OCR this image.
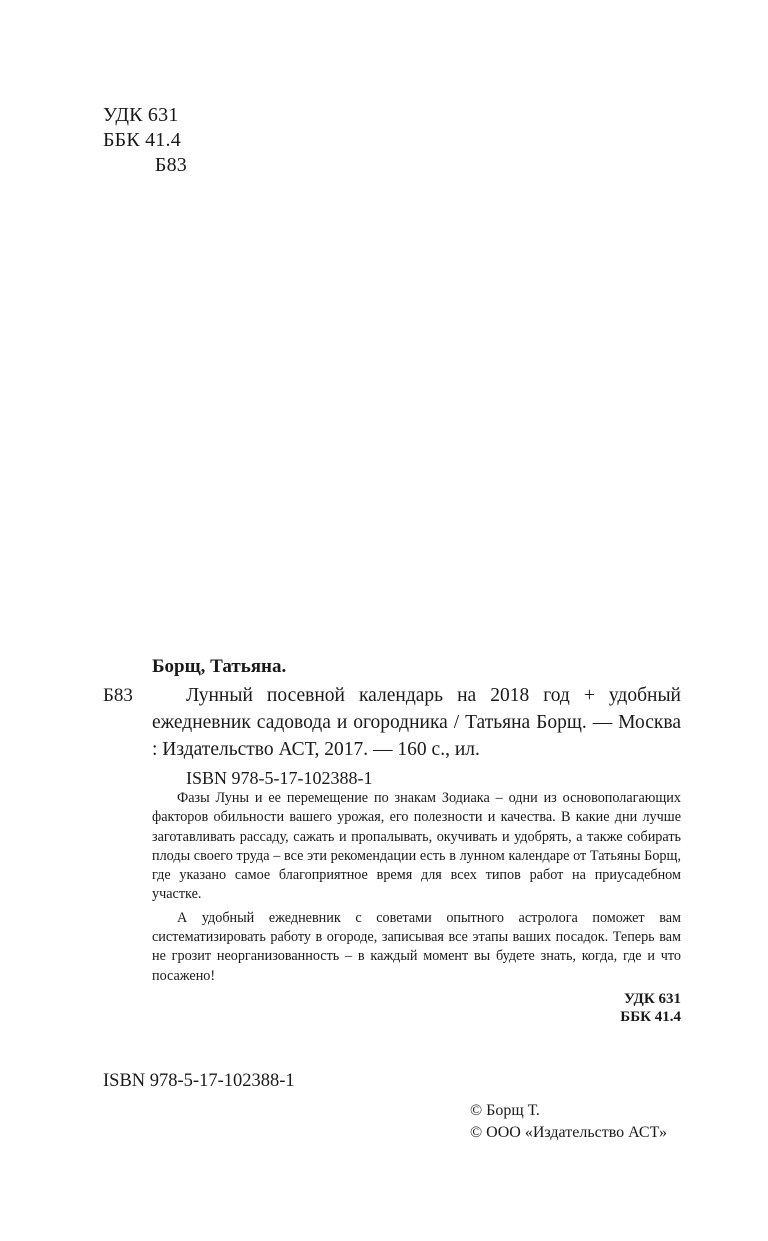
УДК 631
ББК 41.4
Б83
Борщ, Татьяна.
Б83	Лунный посевной календарь на 2018 год + удобный ежедневник садовода и огородника / Татьяна Борщ. — Москва : Издательство АСТ, 2017. — 160 с., ил.
ISBN 978-5-17-102388-1

Фазы Луны и ее перемещение по знакам Зодиака – одни из основополагающих факторов обильности вашего урожая, его полезности и качества. В какие дни лучше заготавливать рассаду, сажать и пропалывать, окучивать и удобрять, а также собирать плоды своего труда – все эти рекомендации есть в лунном календаре от Татьяны Борщ, где указано самое благоприятное время для всех типов работ на приусадебном участке.

А удобный ежедневник с советами опытного астролога поможет вам систематизировать работу в огороде, записывая все этапы ваших посадок. Теперь вам не грозит неорганизованность – в каждый момент вы будете знать, когда, где и что посажено!

УДК 631
ББК 41.4
ISBN 978-5-17-102388-1
© Борщ Т.
© ООО «Издательство АСТ»
